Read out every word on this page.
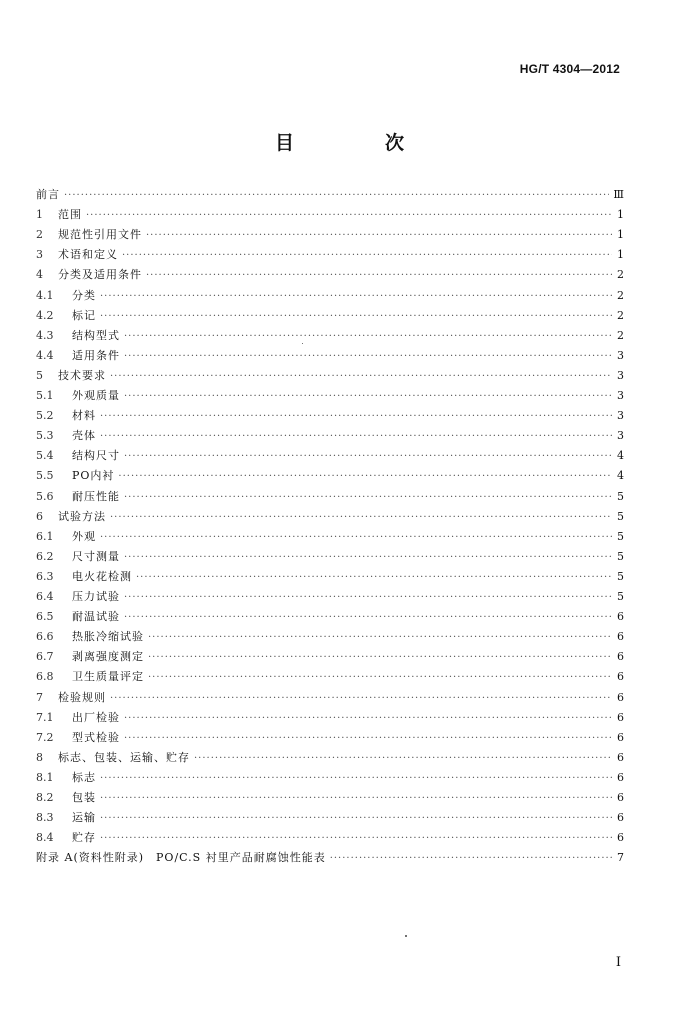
HG/T 4304—2012
目　次
前言 ·····	Ⅲ
1	范围 ·····	1
2	规范性引用文件 ·····	1
3	术语和定义 ·····	1
4	分类及适用条件 ·····	2
4.1	分类 ·····	2
4.2	标记 ·····	2
4.3	结构型式 ·····	2
4.4	适用条件 ·····	3
5	技术要求 ·····	3
5.1	外观质量 ·····	3
5.2	材料 ·····	3
5.3	壳体 ·····	3
5.4	结构尺寸 ·····	4
5.5	PO内衬 ·····	4
5.6	耐压性能 ·····	5
6	试验方法 ·····	5
6.1	外观 ·····	5
6.2	尺寸测量 ·····	5
6.3	电火花检测 ·····	5
6.4	压力试验 ·····	5
6.5	耐温试验 ·····	6
6.6	热胀冷缩试验 ·····	6
6.7	剥离强度测定 ·····	6
6.8	卫生质量评定 ·····	6
7	检验规则 ·····	6
7.1	出厂检验 ·····	6
7.2	型式检验 ·····	6
8	标志、包装、运输、贮存 ·····	6
8.1	标志 ·····	6
8.2	包装 ·····	6
8.3	运输 ·····	6
8.4	贮存 ·····	6
附录 A(资料性附录)　PO/C.S 衬里产品耐腐蚀性能表 ·····	7
I
